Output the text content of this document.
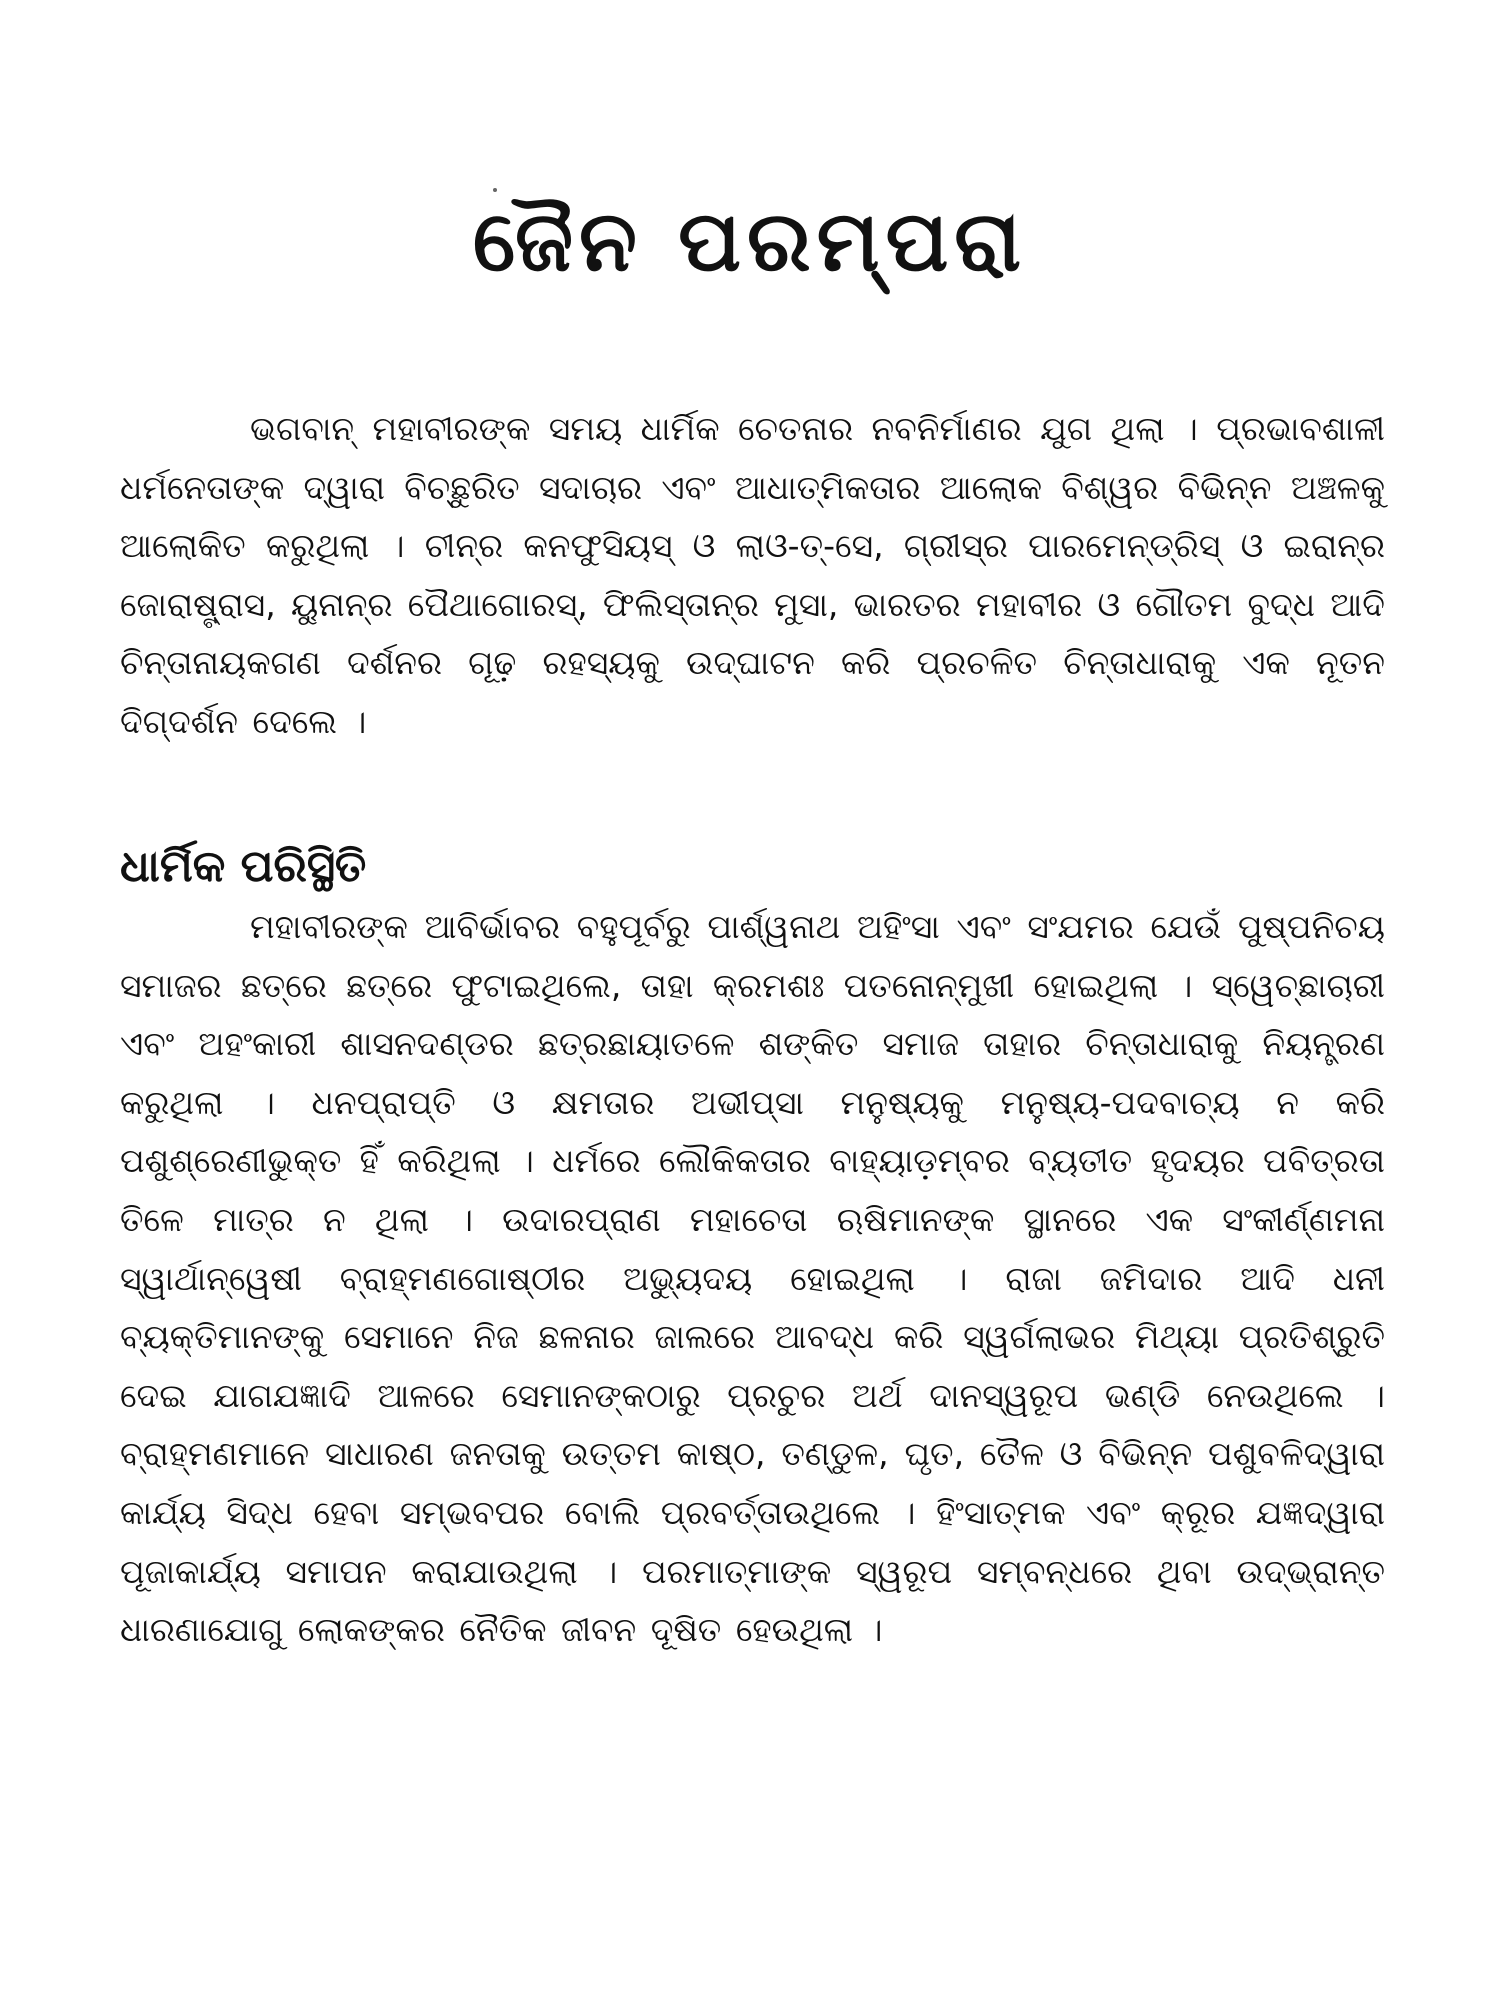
ଜୈନ ପରମ୍ପରା

ଭଗବାନ୍ ମହାବୀରଙ୍କ ସମୟ ଧାର୍ମିକ ଚେତନାର ନବନିର୍ମାଣର ଯୁଗ ଥିଲା । ପ୍ରଭାବଶାଳୀ ଧର୍ମନେତାଙ୍କ ଦ୍ୱାରା ବିଚ୍ଛୁରିତ ସଦାଚାର ଏବଂ ଆଧାତ୍ମିକତାର ଆଲୋକ ବିଶ୍ୱର ବିଭିନ୍ନ ଅଞ୍ଚଳକୁ ଆଲୋକିତ କରୁଥିଲା । ଚୀନ୍‌ର କନଫୁସିୟସ୍ ଓ ଲାଓ-ତ୍-ସେ, ଗ୍ରୀସ୍‌ର ପାରମେନ୍‌ଡ୍ରିସ୍ ଓ ଇରାନ୍‌ର ଜୋରାଷ୍ଟ୍ରାସ, ୟୁନାନ୍‌ର ପୈଥାଗୋରସ୍, ଫିଲିସ୍ତାନ୍‌ର ମୁସା, ଭାରତର ମହାବୀର ଓ ଗୌତମ ବୁଦ୍ଧ ଆଦି ଚିନ୍ତାନାୟକଗଣ ଦର୍ଶନର ଗୂଢ଼ ରହସ୍ୟକୁ ଉଦ୍‌ଘାଟନ କରି ପ୍ରଚଳିତ ଚିନ୍ତାଧାରାକୁ ଏକ ନୂତନ ଦିଗ୍‌ଦର୍ଶନ ଦେଲେ ।

ଧାର୍ମିକ ପରିସ୍ଥିତି

ମହାବୀରଙ୍କ ଆବିର୍ଭାବର ବହୁପୂର୍ବରୁ ପାର୍ଶ୍ୱନାଥ ଅହିଂସା ଏବଂ ସଂଯମର ଯେଉଁ ପୁଷ୍ପନିଚୟ ସମାଜର ଛତ୍ରେ ଛତ୍ରେ ଫୁଟାଇଥିଲେ, ତାହା କ୍ରମଶଃ ପତନୋନ୍ମୁଖୀ ହୋଇଥିଲା । ସ୍ୱେଚ୍ଛାଚାରୀ ଏବଂ ଅହଂକାରୀ ଶାସନଦଣ୍ଡର ଛତ୍ରଛାୟାତଳେ ଶଙ୍କିତ ସମାଜ ତାହାର ଚିନ୍ତାଧାରାକୁ ନିୟନ୍ତ୍ରଣ କରୁଥିଲା । ଧନପ୍ରାପ୍ତି ଓ କ୍ଷମତାର ଅଭୀପ୍ସା ମନୁଷ୍ୟକୁ ମନୁଷ୍ୟ-ପଦବାଚ୍ୟ ନ କରି ପଶୁଶ୍ରେଣୀଭୁକ୍ତ ହିଁ କରିଥିଲା । ଧର୍ମରେ ଲୌକିକତାର ବାହ୍ୟାଡ଼ମ୍ବର ବ୍ୟତୀତ ହୃଦୟର ପବିତ୍ରତା ତିଳେ ମାତ୍ର ନ ଥିଲା । ଉଦାରପ୍ରାଣ ମହାଚେତା ଋଷିମାନଙ୍କ ସ୍ଥାନରେ ଏକ ସଂକୀର୍ଣ୍ଣମନା ସ୍ୱାର୍ଥାନ୍ୱେଷୀ ବ୍ରାହ୍ମଣଗୋଷ୍ଠୀର ଅଭ୍ୟୁଦୟ ହୋଇଥିଲା । ରାଜା ଜମିଦାର ଆଦି ଧନୀ ବ୍ୟକ୍ତିମାନଙ୍କୁ ସେମାନେ ନିଜ ଛଳନାର ଜାଲରେ ଆବଦ୍ଧ କରି ସ୍ୱର୍ଗଲାଭର ମିଥ୍ୟା ପ୍ରତିଶ୍ରୁତି ଦେଇ ଯାଗଯଜ୍ଞାଦି ଆଳରେ ସେମାନଙ୍କଠାରୁ ପ୍ରଚୁର ଅର୍ଥ ଦାନସ୍ୱରୂପ ଭଣ୍ଡି ନେଉଥିଲେ । ବ୍ରାହ୍ମଣମାନେ ସାଧାରଣ ଜନତାକୁ ଉତ୍ତମ କାଷ୍ଠ, ତଣ୍ଡୁଳ, ଘୃତ, ତୈଳ ଓ ବିଭିନ୍ନ ପଶୁବଳିଦ୍ୱାରା କାର୍ଯ୍ୟ ସିଦ୍ଧ ହେବା ସମ୍ଭବପର ବୋଲି ପ୍ରବର୍ତ୍ତାଉଥିଲେ । ହିଂସାତ୍ମକ ଏବଂ କ୍ରୂର ଯଜ୍ଞଦ୍ୱାରା ପୂଜାକାର୍ଯ୍ୟ ସମାପନ କରାଯାଉଥିଲା । ପରମାତ୍ମାଙ୍କ ସ୍ୱରୂପ ସମ୍ବନ୍ଧରେ ଥିବା ଉଦ୍‌ଭ୍ରାନ୍ତ ଧାରଣାଯୋଗୁ ଲୋକଙ୍କର ନୈତିକ ଜୀବନ ଦୂଷିତ ହେଉଥିଲା ।
